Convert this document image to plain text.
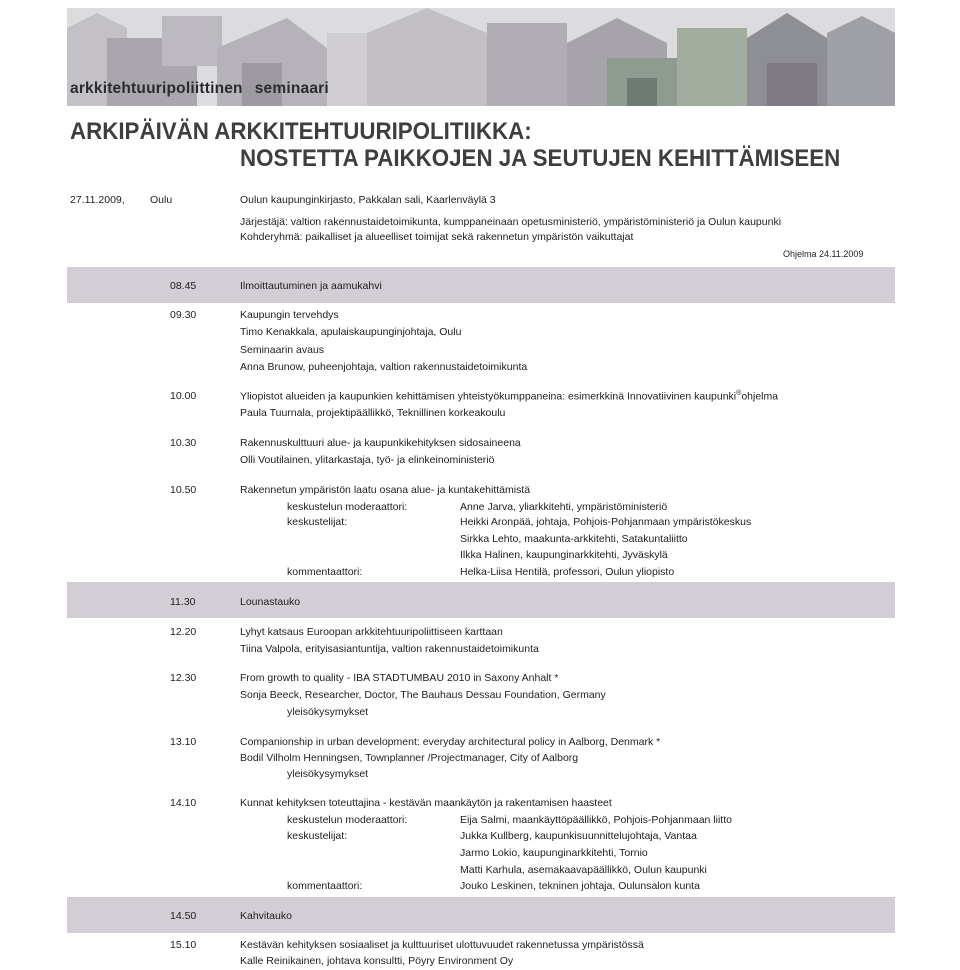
arkkitehtuuripoliittinen seminaari
ARKIPÄIVÄN ARKKITEHTUURIPOLITIIKKA:
NOSTETTA PAIKKOJEN JA SEUTUJEN KEHITTÄMISEEN
27.11.2009, Oulu	Oulun kaupunginkirjasto, Pakkalan sali, Kaarlenväylä 3
Järjestäjä: valtion rakennustaidetoimikunta, kumppaneinaan opetusministeriö, ympäristöministeriö ja Oulun kaupunki
Kohderyhmä: paikalliset ja alueelliset toimijat sekä rakennetun ympäristön vaikuttajat
Ohjelma 24.11.2009
08.45	Ilmoittautuminen ja aamukahvi
09.30	Kaupungin tervehdys
Timo Kenakkala, apulaiskaupunginjohtaja, Oulu
Seminaarin avaus
Anna Brunow, puheenjohtaja, valtion rakennustaidetoimikunta
10.00	Yliopistot alueiden ja kaupunkien kehittämisen yhteistyökumppaneina: esimerkkinä Innovatiivinen kaupunki®ohjelma
Paula Tuurnala, projektipäällikkö, Teknillinen korkeakoulu
10.30	Rakennuskulttuuri alue- ja kaupunkikehityksen sidosaineena
Olli Voutilainen, ylitarkastaja, työ- ja elinkeinoministeriö
10.50	Rakennetun ympäristön laatu osana alue- ja kuntakehittämistä
keskustelun moderaattori:	Anne Jarva, yliarkkitehti, ympäristöministeriö
keskustelijat:	Heikki Aronpää, johtaja, Pohjois-Pohjanmaan ympäristökeskus
Sirkka Lehto, maakunta-arkkitehti, Satakuntaliitto
Ilkka Halinen, kaupunginarkkitehti, Jyväskylä
kommentaattori:	Helka-Liisa Hentilä, professori, Oulun yliopisto
11.30	Lounastauko
12.20	Lyhyt katsaus Euroopan arkkitehtuuripoliittiseen karttaan
Tiina Valpola, erityisasiantuntija, valtion rakennustaidetoimikunta
12.30	From growth to quality - IBA STADTUMBAU 2010 in Saxony Anhalt *
Sonja Beeck, Researcher, Doctor, The Bauhaus Dessau Foundation, Germany
yleisökysymykset
13.10	Companionship in urban development: everyday architectural policy in Aalborg, Denmark *
Bodil Vilholm Henningsen, Townplanner /Projectmanager, City of Aalborg
yleisökysymykset
14.10	Kunnat kehityksen toteuttajina - kestävän maankäytön ja rakentamisen haasteet
keskustelun moderaattori:	Eija Salmi, maankäyttöpäällikkö, Pohjois-Pohjanmaan liitto
keskustelijat:	Jukka Kullberg, kaupunkisuunnittelujohtaja, Vantaa
Jarmo Lokio, kaupunginarkkitehti, Tornio
Matti Karhula, asemakaavapäällikkö, Oulun kaupunki
kommentaattori:	Jouko Leskinen, tekninen johtaja, Oulunsalon kunta
14.50	Kahvitauko
15.10	Kestävän kehityksen sosiaaliset ja kulttuuriset ulottuvuudet rakennetussa ympäristössä
Kalle Reinikainen, johtava konsultti, Pöyry Environment Oy
